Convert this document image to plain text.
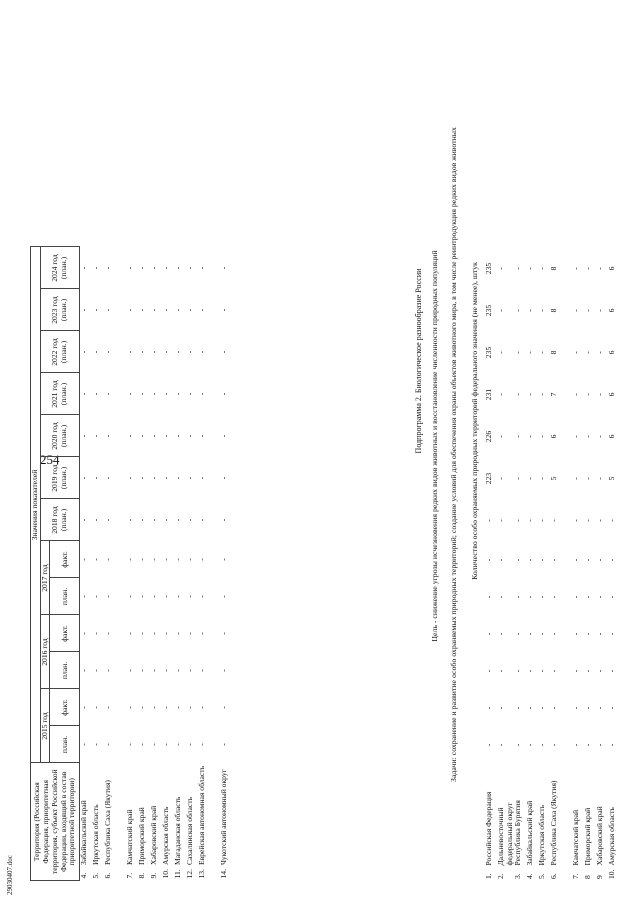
254
29030407.doc
Территория (Российская Федерация, приоритетная территория, субъект Российской Федерации, входящий в состав приоритетной территории)		Значения показателей												
		2015 год		2016 год		2017 год		2018 год (план.)	2019 год (план.)	2020 год (план.)	2021 год (план.)	2022 год (план.)	2023 год (план.)	2024 год (план.)
		план.	факт.	план.	факт.	план.	факт.							
4.	Забайкальский край	-	-	-	-	-	-	-	-	-	-	-	-	-
5.	Иркутская область	-	-	-	-	-	-	-	-	-	-	-	-	-
6.	Республика Саха (Якутия)	-	-	-	-	-	-	-	-	-	-	-	-	-
7.	Камчатский край	-	-	-	-	-	-	-	-	-	-	-	-	-
8.	Приморский край	-	-	-	-	-	-	-	-	-	-	-	-	-
9.	Хабаровский край	-	-	-	-	-	-	-	-	-	-	-	-	-
10.	Амурская область	-	-	-	-	-	-	-	-	-	-	-	-	-
11.	Магаданская область	-	-	-	-	-	-	-	-	-	-	-	-	-
12.	Сахалинская область	-	-	-	-	-	-	-	-	-	-	-	-	-
13.	Еврейская автономная область	-	-	-	-	-	-	-	-	-	-	-	-	-
14.	Чукотский автономный округ	-	-	-	-	-	-	-	-	-	-	-	-	-
Подпрограмма 2. Биологическое разнообразие России Цель - снижение угрозы исчезновения редких видов животных и восстановление численности природных популяций Задачи: сохранение и развитие особо охраняемых природных территорий; создание условий для обеспечения охраны объектов животного мира, в том числе реинтродукция редких видов животных Количество особо охраняемых природных территорий федерального значения (не менее), штук
1.	Российская Федерация	-	-	-	-	-	-	-	223	226	231	235	235	235
2.	Дальневосточный федеральный округ	-	-	-	-	-	-	-	-	-	-	-	-	-
3.	Республика Бурятия	-	-	-	-	-	-	-	-	-	-	-	-	-
4.	Забайкальский край	-	-	-	-	-	-	-	-	-	-	-	-	-
5.	Иркутская область	-	-	-	-	-	-	-	-	-	-	-	-	-
6.	Республика Саха (Якутия)	-	-	-	-	-	-	-	5	6	7	8	8	8
7.	Камчатский край	-	-	-	-	-	-	-	-	-	-	-	-	-
8	Приморский край	-	-	-	-	-	-	-	-	-	-	-	-	-
9	Хабаровский край	-	-	-	-	-	-	-	-	-	-	-	-	-
10.	Амурская область	-	-	-	-	-	-	-	5	6	6	6	6	6
